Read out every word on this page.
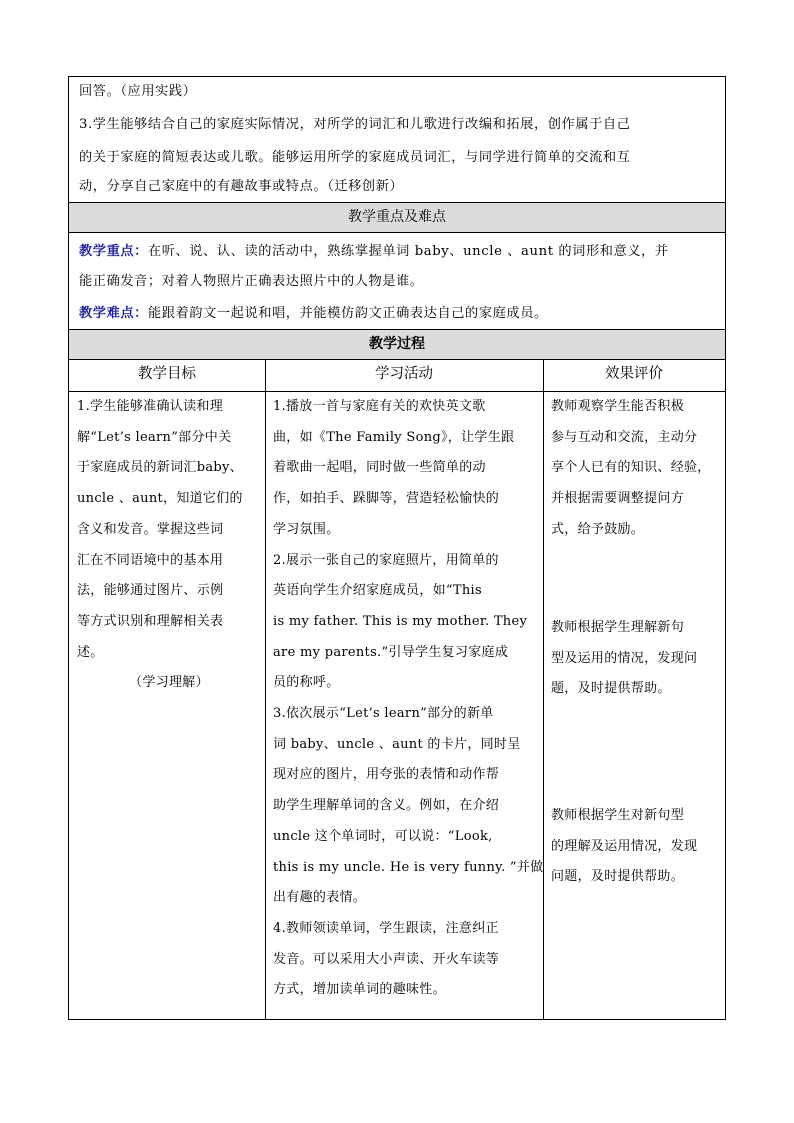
回答。（应用实践）
3.学生能够结合自己的家庭实际情况，对所学的词汇和儿歌进行改编和拓展，创作属于自己
的关于家庭的简短表达或儿歌。能够运用所学的家庭成员词汇，与同学进行简单的交流和互
动，分享自己家庭中的有趣故事或特点。（迁移创新）
教学重点及难点
教学重点：在听、说、认、读的活动中，熟练掌握单词 baby、uncle 、aunt 的词形和意义，并
能正确发音；对着人物照片正确表达照片中的人物是谁。
教学难点：能跟着韵文一起说和唱，并能模仿韵文正确表达自己的家庭成员。
教学过程
教学目标	学习活动	效果评价
1.学生能够准确认读和理
解“Let’s learn”部分中关
于家庭成员的新词汇baby、
uncle 、aunt，知道它们的
含义和发音。掌握这些词
汇在不同语境中的基本用
法，能够通过图片、示例
等方式识别和理解相关表
述。
（学习理解）
1.播放一首与家庭有关的欢快英文歌
曲，如《The Family Song》，让学生跟
着歌曲一起唱，同时做一些简单的动
作，如拍手、跺脚等，营造轻松愉快的
学习氛围。
2.展示一张自己的家庭照片，用简单的
英语向学生介绍家庭成员，如“This
is my father. This is my mother. They
are my parents.”引导学生复习家庭成
员的称呼。
3.依次展示“Let’s learn”部分的新单
词 baby、uncle 、aunt 的卡片，同时呈
现对应的图片，用夸张的表情和动作帮
助学生理解单词的含义。例如，在介绍
uncle 这个单词时，可以说：“Look,
this is my uncle. He is very funny. ”并做
出有趣的表情。
4.教师领读单词，学生跟读，注意纠正
发音。可以采用大小声读、开火车读等
方式，增加读单词的趣味性。
教师观察学生能否积极
参与互动和交流，主动分
享个人已有的知识、经验，
并根据需要调整提问方
式，给予鼓励。
教师根据学生理解新句
型及运用的情况，发现问
题，及时提供帮助。
教师根据学生对新句型
的理解及运用情况，发现
问题，及时提供帮助。
